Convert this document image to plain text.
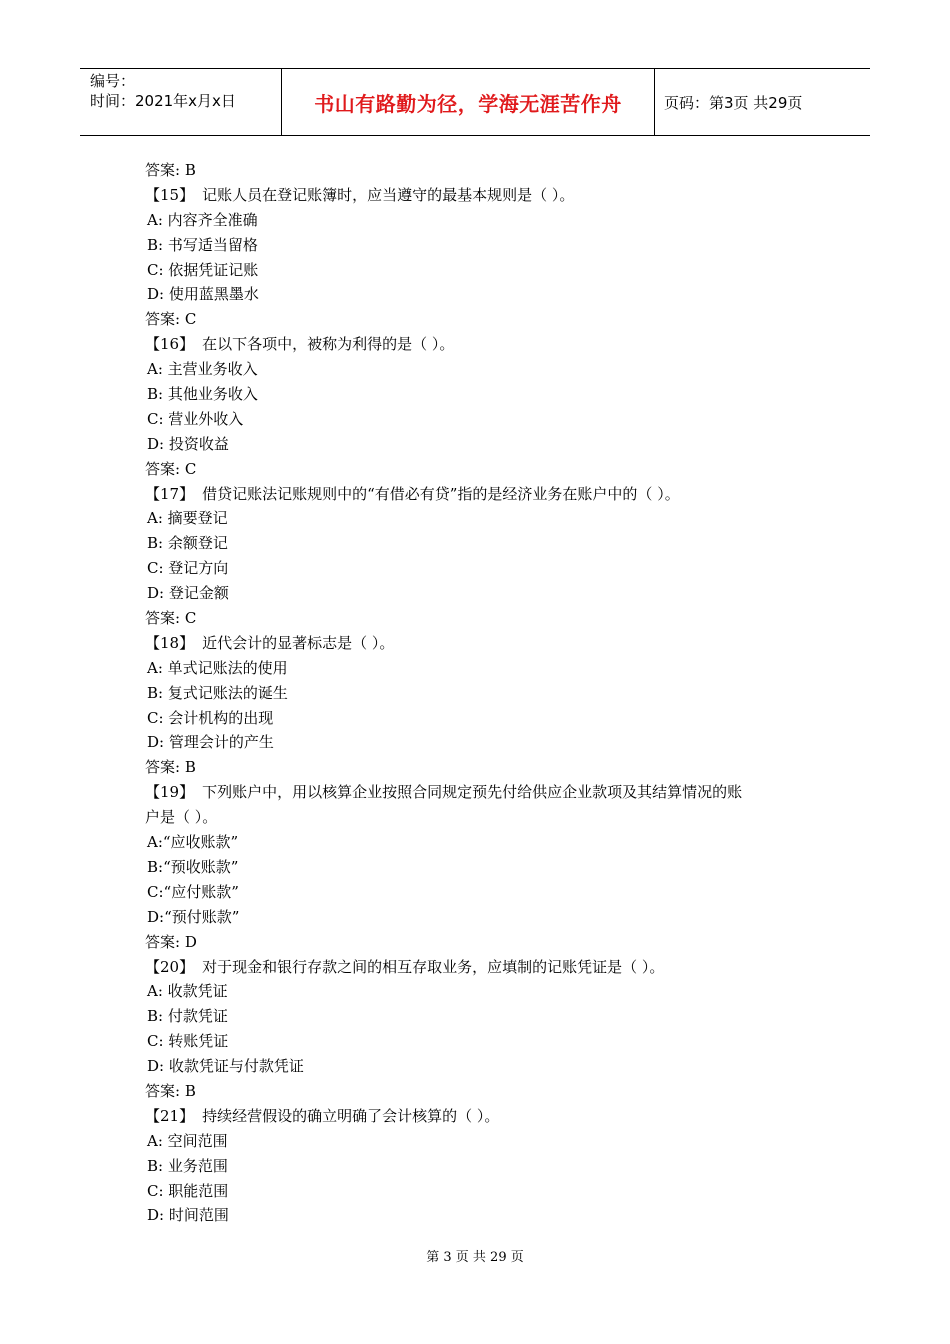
编号：
时间：2021年x月x日	书山有路勤为径，学海无涯苦作舟	页码：第3页 共29页
答案: B
【15】 记账人员在登记账簿时，应当遵守的最基本规则是（ ）。
A: 内容齐全准确
B: 书写适当留格
C: 依据凭证记账
D: 使用蓝黑墨水
答案: C
【16】 在以下各项中，被称为利得的是（ ）。
A: 主营业务收入
B: 其他业务收入
C: 营业外收入
D: 投资收益
答案: C
【17】 借贷记账法记账规则中的“有借必有贷”指的是经济业务在账户中的（ ）。
A: 摘要登记
B: 余额登记
C: 登记方向
D: 登记金额
答案: C
【18】 近代会计的显著标志是（ ）。
A: 单式记账法的使用
B: 复式记账法的诞生
C: 会计机构的出现
D: 管理会计的产生
答案: B
【19】 下列账户中，用以核算企业按照合同规定预先付给供应企业款项及其结算情况的账
户是（ ）。
A:“应收账款”
B:“预收账款”
C:“应付账款”
D:“预付账款”
答案: D
【20】 对于现金和银行存款之间的相互存取业务，应填制的记账凭证是（ ）。
A: 收款凭证
B: 付款凭证
C: 转账凭证
D: 收款凭证与付款凭证
答案: B
【21】 持续经营假设的确立明确了会计核算的（ ）。
A: 空间范围
B: 业务范围
C: 职能范围
D: 时间范围
第 3 页 共 29 页
